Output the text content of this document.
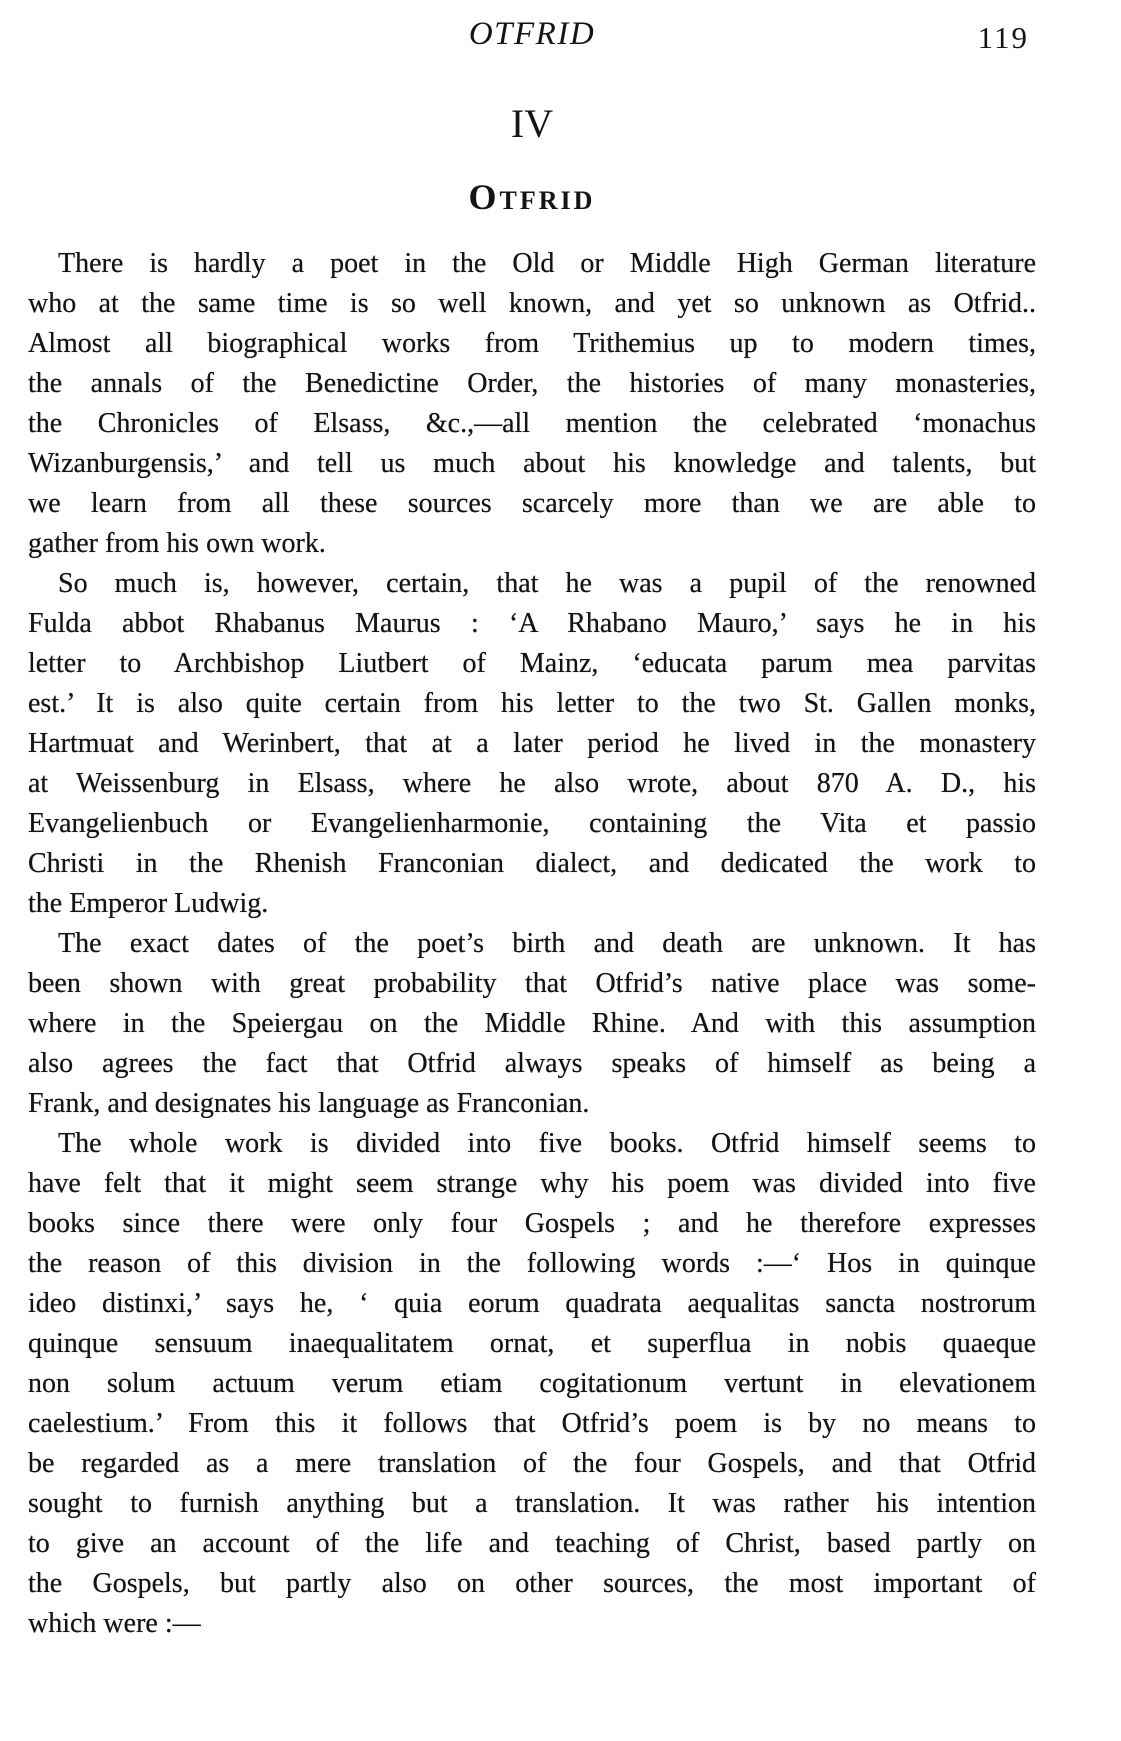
OTFRID	119
IV
OTFRID
There is hardly a poet in the Old or Middle High German literature
who at the same time is so well known, and yet so unknown as Otfrid..
Almost all biographical works from Trithemius up to modern times,
the annals of the Benedictine Order, the histories of many monasteries,
the Chronicles of Elsass, &c.,—all mention the celebrated ‘monachus
Wizanburgensis,’ and tell us much about his knowledge and talents, but
we learn from all these sources scarcely more than we are able to
gather from his own work.
So much is, however, certain, that he was a pupil of the renowned
Fulda abbot Rhabanus Maurus : ‘A Rhabano Mauro,’ says he in his
letter to Archbishop Liutbert of Mainz, ‘educata parum mea parvitas
est.’ It is also quite certain from his letter to the two St. Gallen monks,
Hartmuat and Werinbert, that at a later period he lived in the monastery
at Weissenburg in Elsass, where he also wrote, about 870 A. D., his
Evangelienbuch or Evangelienharmonie, containing the Vita et passio
Christi in the Rhenish Franconian dialect, and dedicated the work to
the Emperor Ludwig.
The exact dates of the poet’s birth and death are unknown. It has
been shown with great probability that Otfrid’s native place was some-
where in the Speiergau on the Middle Rhine. And with this assumption
also agrees the fact that Otfrid always speaks of himself as being a
Frank, and designates his language as Franconian.
The whole work is divided into five books. Otfrid himself seems to
have felt that it might seem strange why his poem was divided into five
books since there were only four Gospels ; and he therefore expresses
the reason of this division in the following words :—‘ Hos in quinque
ideo distinxi,’ says he, ‘ quia eorum quadrata aequalitas sancta nostrorum
quinque sensuum inaequalitatem ornat, et superflua in nobis quaeque
non solum actuum verum etiam cogitationum vertunt in elevationem
caelestium.’ From this it follows that Otfrid’s poem is by no means to
be regarded as a mere translation of the four Gospels, and that Otfrid
sought to furnish anything but a translation. It was rather his intention
to give an account of the life and teaching of Christ, based partly on
the Gospels, but partly also on other sources, the most important of
which were :—
